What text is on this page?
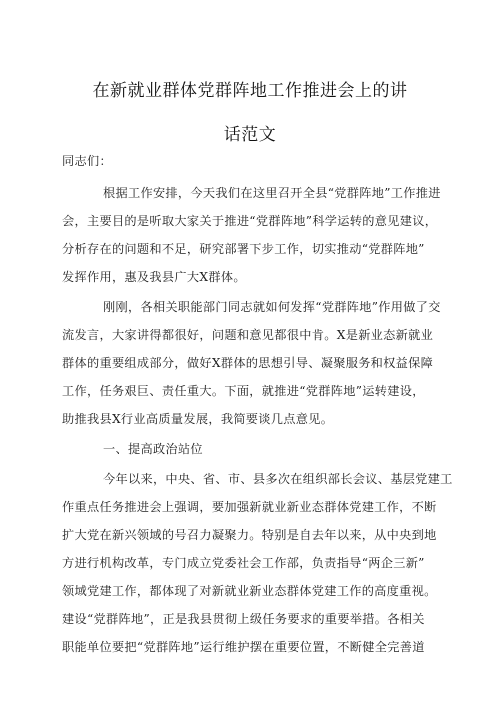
在新就业群体党群阵地工作推进会上的讲
话范文
同志们：
根据工作安排，今天我们在这里召开全县“党群阵地”工作推进
会，主要目的是听取大家关于推进“党群阵地”科学运转的意见建议，
分析存在的问题和不足，研究部署下步工作，切实推动“党群阵地”
发挥作用，惠及我县广大X群体。
刚刚，各相关职能部门同志就如何发挥“党群阵地”作用做了交
流发言，大家讲得都很好，问题和意见都很中肯。X是新业态新就业
群体的重要组成部分，做好X群体的思想引导、凝聚服务和权益保障
工作，任务艰巨、责任重大。下面，就推进“党群阵地”运转建设，
助推我县X行业高质量发展，我简要谈几点意见。
一、提高政治站位
今年以来，中央、省、市、县多次在组织部长会议、基层党建工
作重点任务推进会上强调，要加强新就业新业态群体党建工作，不断
扩大党在新兴领域的号召力凝聚力。特别是自去年以来，从中央到地
方进行机构改革，专门成立党委社会工作部，负责指导“两企三新”
领域党建工作，都体现了对新就业新业态群体党建工作的高度重视。
建设“党群阵地”，正是我县贯彻上级任务要求的重要举措。各相关
职能单位要把“党群阵地”运行维护摆在重要位置，不断健全完善道
